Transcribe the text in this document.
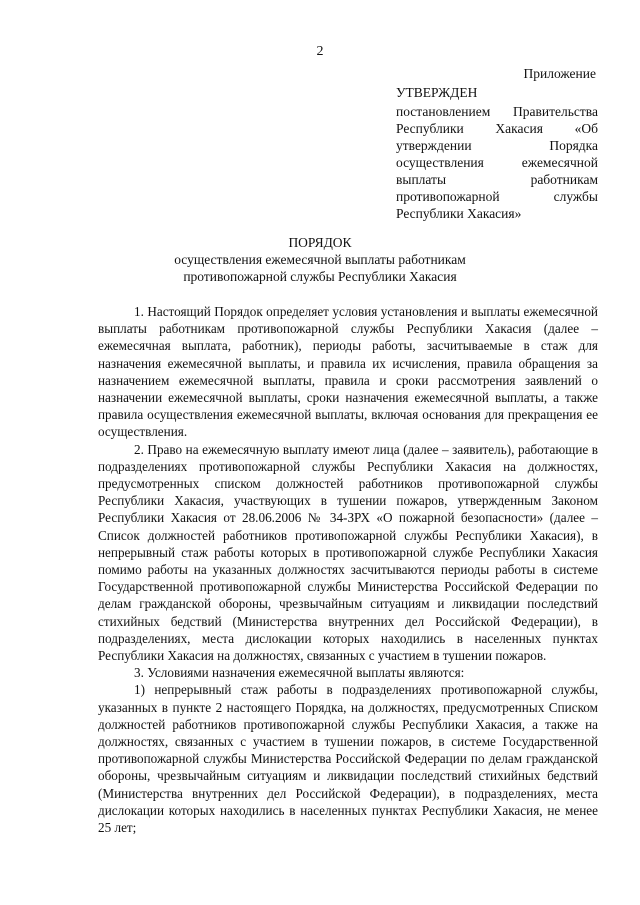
2
Приложение
УТВЕРЖДЕН
постановлением Правительства Республики Хакасия «Об утверждении Порядка осуществления ежемесячной выплаты работникам противопожарной службы Республики Хакасия»
ПОРЯДОК
осуществления ежемесячной выплаты работникам
противопожарной службы Республики Хакасия

1. Настоящий Порядок определяет условия установления и выплаты ежемесячной выплаты работникам противопожарной службы Республики Хакасия (далее – ежемесячная выплата, работник), периоды работы, засчитываемые в стаж для назначения ежемесячной выплаты, и правила их исчисления, правила обращения за назначением ежемесячной выплаты, правила и сроки рассмотрения заявлений о назначении ежемесячной выплаты, сроки назначения ежемесячной выплаты, а также правила осуществления ежемесячной выплаты, включая основания для прекращения ее осуществления.

2. Право на ежемесячную выплату имеют лица (далее – заявитель), работающие в подразделениях противопожарной службы Республики Хакасия на должностях, предусмотренных списком должностей работников противопожарной службы Республики Хакасия, участвующих в тушении пожаров, утвержденным Законом Республики Хакасия от 28.06.2006 № 34-ЗРХ «О пожарной безопасности» (далее – Список должностей работников противопожарной службы Республики Хакасия), в непрерывный стаж работы которых в противопожарной службе Республики Хакасия помимо работы на указанных должностях засчитываются периоды работы в системе Государственной противопожарной службы Министерства Российской Федерации по делам гражданской обороны, чрезвычайным ситуациям и ликвидации последствий стихийных бедствий (Министерства внутренних дел Российской Федерации), в подразделениях, места дислокации которых находились в населенных пунктах Республики Хакасия на должностях, связанных с участием в тушении пожаров.

3. Условиями назначения ежемесячной выплаты являются:

1) непрерывный стаж работы в подразделениях противопожарной службы, указанных в пункте 2 настоящего Порядка, на должностях, предусмотренных Списком должностей работников противопожарной службы Республики Хакасия, а также на должностях, связанных с участием в тушении пожаров, в системе Государственной противопожарной службы Министерства Российской Федерации по делам гражданской обороны, чрезвычайным ситуациям и ликвидации последствий стихийных бедствий (Министерства внутренних дел Российской Федерации), в подразделениях, места дислокации которых находились в населенных пунктах Республики Хакасия, не менее 25 лет;
